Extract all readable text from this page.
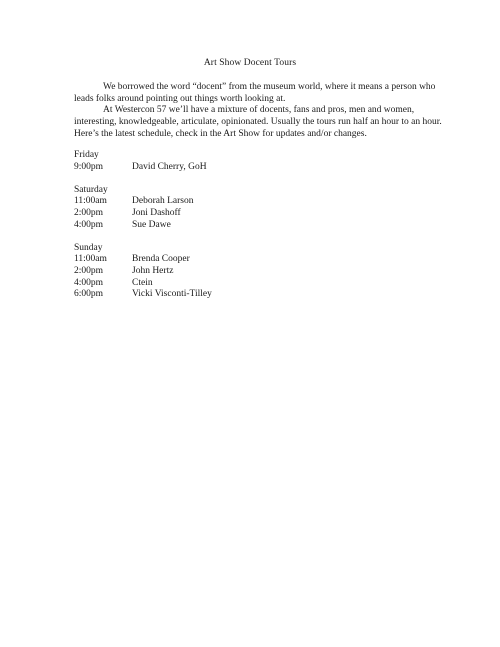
Art Show Docent Tours

We borrowed the word “docent” from the museum world, where it means a person who leads folks around pointing out things worth looking at.

At Westercon 57 we’ll have a mixture of docents, fans and pros, men and women, interesting, knowledgeable, articulate, opinionated. Usually the tours run half an hour to an hour. Here’s the latest schedule, check in the Art Show for updates and/or changes.

Friday
9:00pm	David Cherry, GoH
Saturday
11:00am	Deborah Larson
2:00pm	Joni Dashoff
4:00pm	Sue Dawe
Sunday
11:00am	Brenda Cooper
2:00pm	John Hertz
4:00pm	Ctein
6:00pm	Vicki Visconti-Tilley
